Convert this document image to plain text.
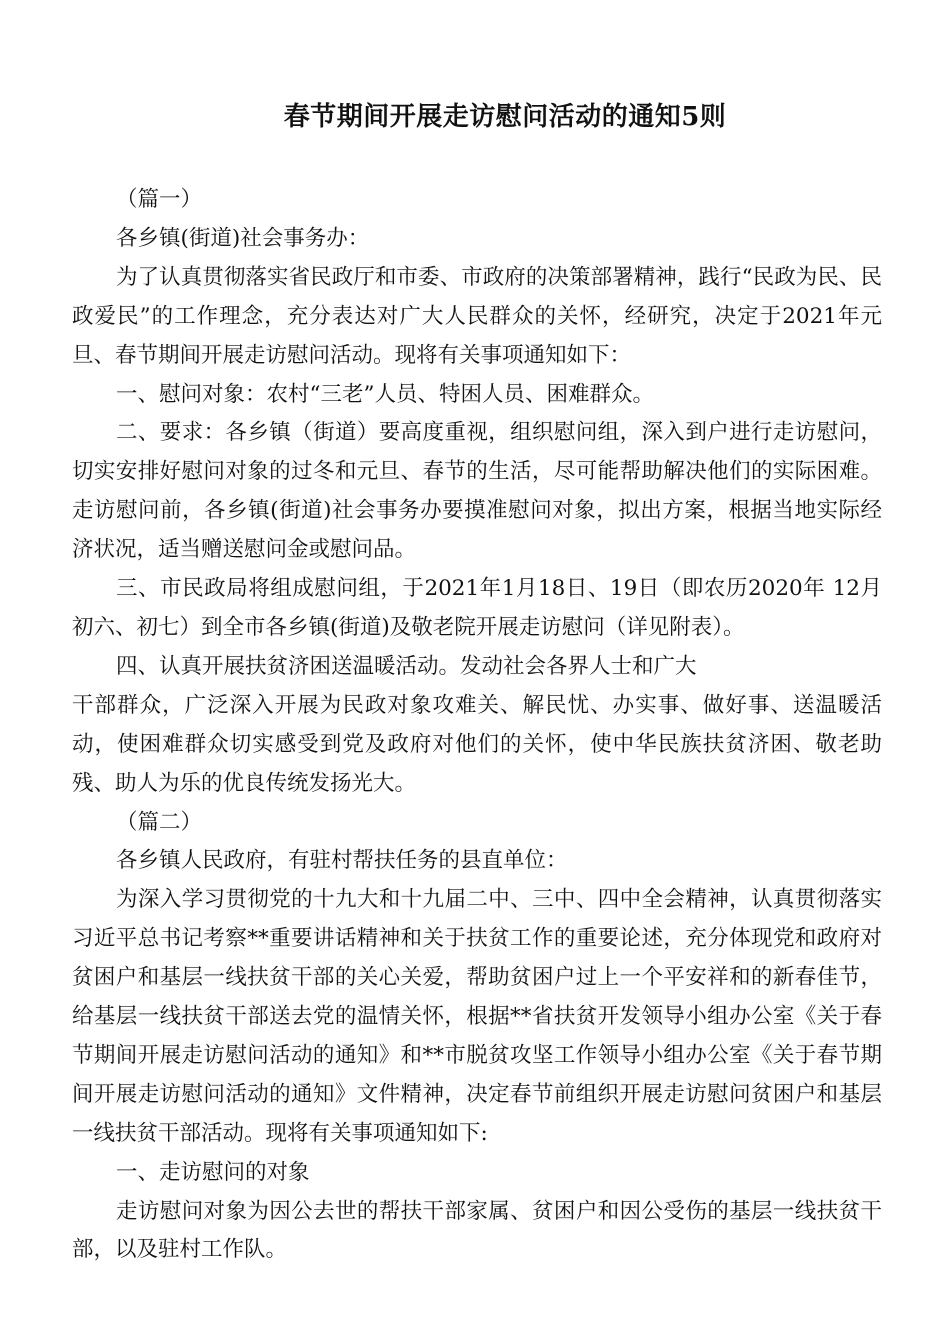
春节期间开展走访慰问活动的通知5则

（篇一）

各乡镇(街道)社会事务办：

为了认真贯彻落实省民政厅和市委、市政府的决策部署精神，践行“民政为民、民政爱民”的工作理念，充分表达对广大人民群众的关怀，经研究，决定于2021年元旦、春节期间开展走访慰问活动。现将有关事项通知如下：

一、慰问对象：农村“三老”人员、特困人员、困难群众。

二、要求：各乡镇（街道）要高度重视，组织慰问组，深入到户进行走访慰问，切实安排好慰问对象的过冬和元旦、春节的生活，尽可能帮助解决他们的实际困难。走访慰问前，各乡镇(街道)社会事务办要摸准慰问对象，拟出方案，根据当地实际经济状况，适当赠送慰问金或慰问品。

三、市民政局将组成慰问组，于2021年1月18日、19日（即农历2020年 12月初六、初七）到全市各乡镇(街道)及敬老院开展走访慰问（详见附表）。

四、认真开展扶贫济困送温暖活动。发动社会各界人士和广大

干部群众，广泛深入开展为民政对象攻难关、解民忧、办实事、做好事、送温暖活动，使困难群众切实感受到党及政府对他们的关怀，使中华民族扶贫济困、敬老助残、助人为乐的优良传统发扬光大。

（篇二）

各乡镇人民政府，有驻村帮扶任务的县直单位：

为深入学习贯彻党的十九大和十九届二中、三中、四中全会精神，认真贯彻落实习近平总书记考察**重要讲话精神和关于扶贫工作的重要论述，充分体现党和政府对贫困户和基层一线扶贫干部的关心关爱，帮助贫困户过上一个平安祥和的新春佳节，给基层一线扶贫干部送去党的温情关怀，根据**省扶贫开发领导小组办公室《关于春节期间开展走访慰问活动的通知》和**市脱贫攻坚工作领导小组办公室《关于春节期间开展走访慰问活动的通知》文件精神，决定春节前组织开展走访慰问贫困户和基层一线扶贫干部活动。现将有关事项通知如下:

一、走访慰问的对象

走访慰问对象为因公去世的帮扶干部家属、贫困户和因公受伤的基层一线扶贫干部，以及驻村工作队。
